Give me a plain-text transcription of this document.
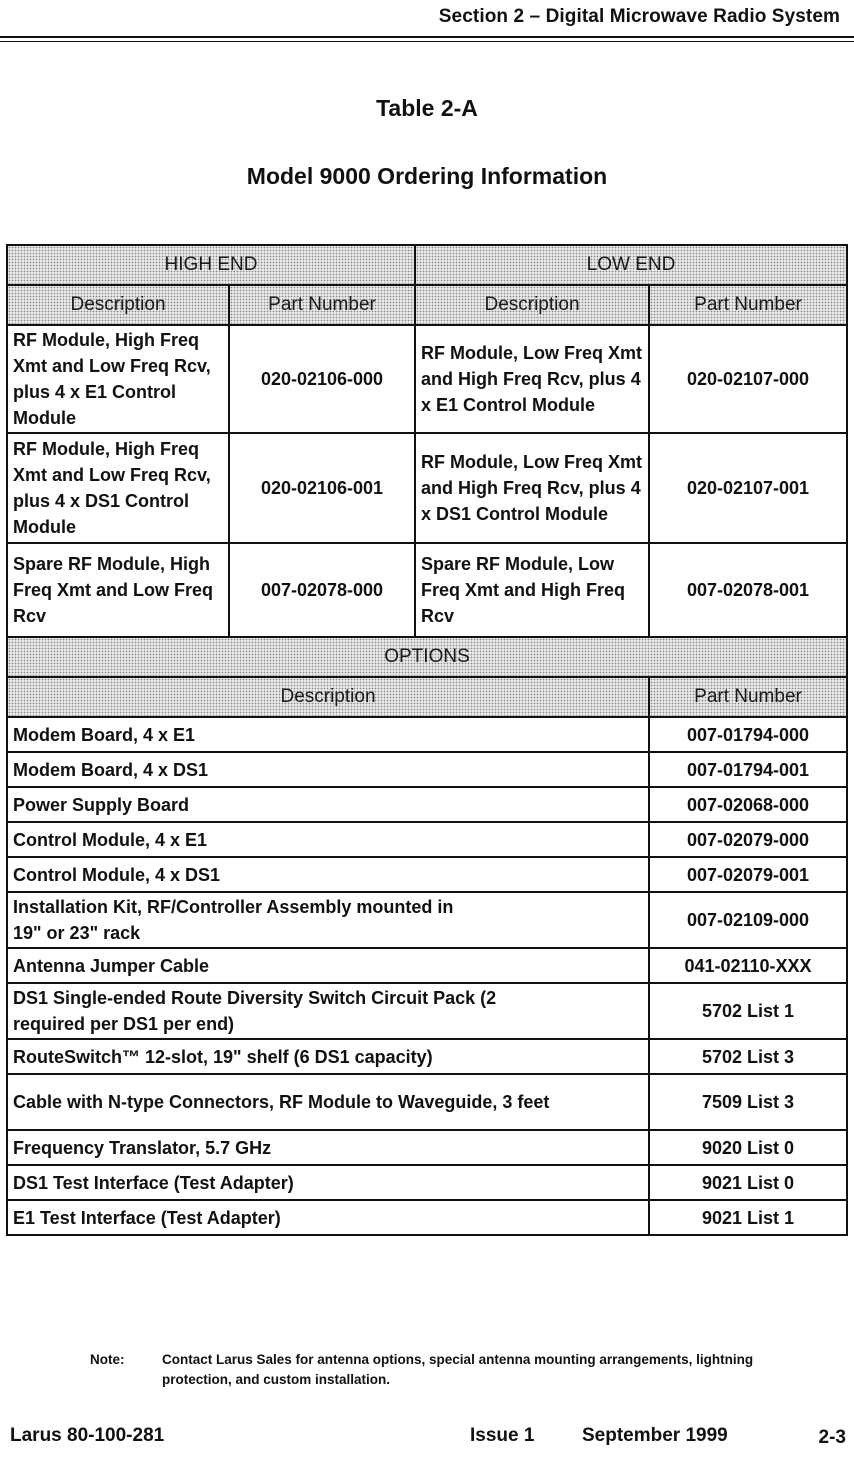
Section 2 – Digital Microwave Radio System
Table 2-A
Model 9000 Ordering Information
HIGH END		LOW END	
Description	Part Number	Description	Part Number
RF Module, High Freq Xmt and Low Freq Rcv, plus 4 x E1 Control Module	020-02106-000	RF Module, Low Freq Xmt and High Freq Rcv, plus 4 x E1 Control Module	020-02107-000
RF Module, High Freq Xmt and Low Freq Rcv, plus 4 x DS1 Control Module	020-02106-001	RF Module, Low Freq Xmt and High Freq Rcv, plus 4 x DS1 Control Module	020-02107-001
Spare RF Module, High Freq Xmt and Low Freq Rcv	007-02078-000	Spare RF Module, Low Freq Xmt and High Freq Rcv	007-02078-001
OPTIONS			
Description			Part Number
Modem Board, 4 x E1			007-01794-000
Modem Board, 4 x DS1			007-01794-001
Power Supply Board			007-02068-000
Control Module, 4 x E1			007-02079-000
Control Module, 4 x DS1			007-02079-001
Installation Kit, RF/Controller Assembly mounted in 19" or 23" rack			007-02109-000
Antenna Jumper Cable			041-02110-XXX
DS1 Single-ended Route Diversity Switch Circuit Pack (2 required per DS1 per end)			5702 List 1
RouteSwitch™ 12-slot, 19" shelf (6 DS1 capacity)			5702 List 3
Cable with N-type Connectors, RF Module to Waveguide, 3 feet			7509 List 3
Frequency Translator, 5.7 GHz			9020 List 0
DS1 Test Interface (Test Adapter)			9021 List 0
E1 Test Interface (Test Adapter)			9021 List 1
Note:	Contact Larus Sales for antenna options, special antenna mounting arrangements, lightning protection, and custom installation.
Larus 80-100-281	Issue 1	September 1999	2-3
